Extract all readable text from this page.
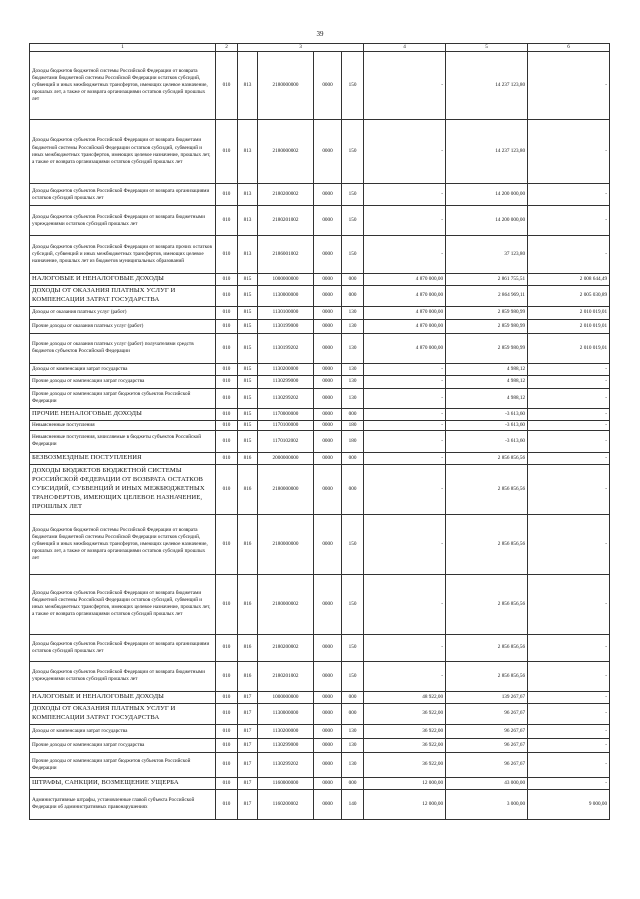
39
1	2	3				4	5	6
Доходы бюджетов бюджетной системы Российской Федерации от возврата бюджетами бюджетной системы Российской Федерации остатков субсидий, субвенций и иных межбюджетных трансфертов, имеющих целевое назначение, прошлых лет, а также от возврата организациями остатков субсидий прошлых лет	010	813	2180000000	0000	150	-	14 237 123,80	-
Доходы бюджетов субъектов Российской Федерации от возврата бюджетами бюджетной системы Российской Федерации остатков субсидий, субвенций и иных межбюджетных трансфертов, имеющих целевое назначение, прошлых лет, а также от возврата организациями остатков субсидий прошлых лет	010	813	2180000002	0000	150	-	14 237 123,80	-
Доходы бюджетов субъектов Российской Федерации от возврата организациями остатков субсидий прошлых лет	010	813	2180200002	0000	150	-	14 200 000,00	-
Доходы бюджетов субъектов Российской Федерации от возврата бюджетными учреждениями остатков субсидий прошлых лет	010	813	2180201002	0000	150	-	14 200 000,00	-
Доходы бюджетов субъектов Российской Федерации от возврата прочих остатков субсидий, субвенций и иных межбюджетных трансфертов, имеющих целевое назначение, прошлых лет из бюджетов муниципальных образований	010	813	2186001002	0000	150	-	37 123,80	-
НАЛОГОВЫЕ И НЕНАЛОГОВЫЕ ДОХОДЫ	010	815	1000000000	0000	000	4 870 000,00	2 861 755,51	2 008 644,49
ДОХОДЫ ОТ ОКАЗАНИЯ ПЛАТНЫХ УСЛУГ И КОМПЕНСАЦИИ ЗАТРАТ ГОСУДАРСТВА	010	815	1130000000	0000	000	4 870 000,00	2 864 969,11	2 005 030,89
Доходы от оказания платных услуг (работ)	010	815	1130100000	0000	130	4 870 000,00	2 859 980,99	2 010 019,01
Прочие доходы от оказания платных услуг (работ)	010	815	1130199000	0000	130	4 870 000,00	2 859 980,99	2 010 019,01
Прочие доходы от оказания платных услуг (работ) получателями средств бюджетов субъектов Российской Федерации	010	815	1130199202	0000	130	4 870 000,00	2 859 980,99	2 010 019,01
Доходы от компенсации затрат государства	010	815	1130200000	0000	130	-	4 988,12	-
Прочие доходы от компенсации затрат государства	010	815	1130299000	0000	130	-	4 988,12	-
Прочие доходы от компенсации затрат бюджетов субъектов Российской Федерации	010	815	1130299202	0000	130	-	4 988,12	-
ПРОЧИЕ НЕНАЛОГОВЫЕ ДОХОДЫ	010	815	1170000000	0000	000	-	-3 613,60	-
Невыясненные поступления	010	815	1170100000	0000	180	-	-3 613,60	-
Невыясненные поступления, зачисляемые в бюджеты субъектов Российской Федерации	010	815	1170102002	0000	180	-	-3 613,60	-
БЕЗВОЗМЕЗДНЫЕ ПОСТУПЛЕНИЯ	010	816	2000000000	0000	000	-	2 856 856,56	-
ДОХОДЫ БЮДЖЕТОВ БЮДЖЕТНОЙ СИСТЕМЫ РОССИЙСКОЙ ФЕДЕРАЦИИ ОТ ВОЗВРАТА ОСТАТКОВ СУБСИДИЙ, СУБВЕНЦИЙ И ИНЫХ МЕЖБЮДЖЕТНЫХ ТРАНСФЕРТОВ, ИМЕЮЩИХ ЦЕЛЕВОЕ НАЗНАЧЕНИЕ, ПРОШЛЫХ ЛЕТ	010	816	2180000000	0000	000	-	2 856 856,56	-
Доходы бюджетов бюджетной системы Российской Федерации от возврата бюджетами бюджетной системы Российской Федерации остатков субсидий, субвенций и иных межбюджетных трансфертов, имеющих целевое назначение, прошлых лет, а также от возврата организациями остатков субсидий прошлых лет	010	816	2180000000	0000	150	-	2 856 856,56	-
Доходы бюджетов субъектов Российской Федерации от возврата бюджетами бюджетной системы Российской Федерации остатков субсидий, субвенций и иных межбюджетных трансфертов, имеющих целевое назначение, прошлых лет, а также от возврата организациями остатков субсидий прошлых лет	010	816	2180000002	0000	150	-	2 856 856,56	-
Доходы бюджетов субъектов Российской Федерации от возврата организациями остатков субсидий прошлых лет	010	816	2180200002	0000	150	-	2 856 856,56	-
Доходы бюджетов субъектов Российской Федерации от возврата бюджетными учреждениями остатков субсидий прошлых лет	010	816	2180201002	0000	150	-	2 856 856,56	-
НАЛОГОВЫЕ И НЕНАЛОГОВЫЕ ДОХОДЫ	010	817	1000000000	0000	000	48 922,00	139 267,67	-
ДОХОДЫ ОТ ОКАЗАНИЯ ПЛАТНЫХ УСЛУГ И КОМПЕНСАЦИИ ЗАТРАТ ГОСУДАРСТВА	010	817	1130000000	0000	000	36 922,00	96 267,67	-
Доходы от компенсации затрат государства	010	817	1130200000	0000	130	36 922,00	96 267,67	-
Прочие доходы от компенсации затрат государства	010	817	1130299000	0000	130	36 922,00	96 267,67	-
Прочие доходы от компенсации затрат бюджетов субъектов Российской Федерации	010	817	1130299202	0000	130	36 922,00	96 267,67	-
ШТРАФЫ, САНКЦИИ, ВОЗМЕЩЕНИЕ УЩЕРБА	010	817	1160000000	0000	000	12 000,00	43 000,00	-
Административные штрафы, установленные главой субъекта Российской Федерации об административных правонарушениях	010	817	1160200002	0000	140	12 000,00	3 000,00	9 000,00
